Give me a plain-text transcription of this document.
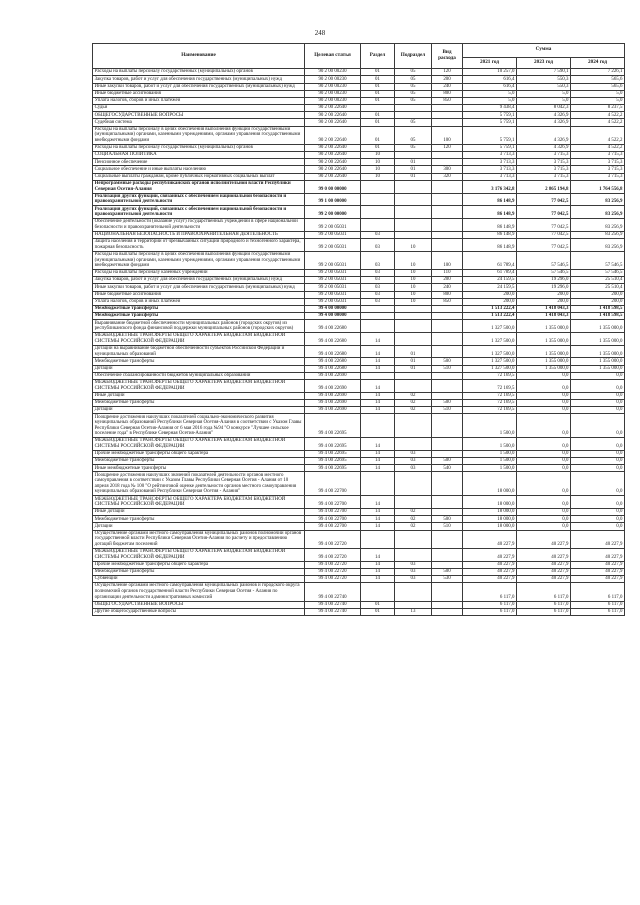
248
Наименование	Целевая статья	Раздел	Подраздел	Вид расхода	Сумма		
					2021 год	2023 год	2024 год
Расходы на выплаты персоналу государственных (муниципальных) органов	90 2 00 00230	01	05	120	10 257,0	7 590,1	7 226,1
Закупка товаров, работ и услуг для обеспечения государственных (муниципальных) нужд	90 2 00 00230	01	05	200	616,4	550,3	565,6
Иные закупки товаров, работ и услуг для обеспечения государственных (муниципальных) нужд	90 2 00 00230	01	05	240	616,4	550,3	565,6
Иные бюджетные ассигнования	90 2 00 00230	01	05	800	5,0	5,0	5,0
Уплата налогов, сборов и иных платежей	90 2 00 00230	01	05	850	5,0	5,0	5,0
Судьи	90 2 00 22640				9 438,4	8 042,3	8 237,5
ОБЩЕГОСУДАРСТВЕННЫЕ ВОПРОСЫ	90 2 00 22640	01			5 759,1	4 326,9	4 522,2
Судебная система	90 2 00 22640	01	05		5 759,1	4 326,9	4 522,2
Расходы на выплаты персоналу в целях обеспечения выполнения функций государственными (муниципальными) органами, казенными учреждениями, органами управления государственными внебюджетными фондами	90 2 00 22640	01	05	100	5 759,1	4 326,9	4 522,2
Расходы на выплаты персоналу государственных (муниципальных) органов	90 2 00 22640	01	05	120	5 759,1	4 326,9	4 522,2
СОЦИАЛЬНАЯ ПОЛИТИКА	90 2 00 22640	10			3 713,3	3 715,3	3 715,3
Пенсионное обеспечение	90 2 00 22640	10	01		3 713,3	3 715,3	3 715,3
Социальное обеспечение и иные выплаты населению	90 2 00 22640	10	01	300	3 713,3	3 715,3	3 715,3
Социальные выплаты гражданам, кроме публичных нормативных социальных выплат	90 2 00 22640	10	01	320	3 713,3	3 715,3	3 715,3
Непрограммные расходы республиканских органов исполнительной власти Республики Северная Осетия-Алания	99 0 00 00000				3 176 342,8	2 865 194,8	1 764 556,8
Реализация других функций, связанных с обеспечением национальной безопасности и правоохранительной деятельности	99 1 00 00000				86 148,9	77 042,5	83 256,9
Реализация других функций, связанных с обеспечением национальной безопасности и правоохранительной деятельности	99 2 00 00000				86 148,9	77 042,5	83 256,9
Обеспечение деятельности (оказание услуг) государственных учреждений в сфере национальной безопасности и правоохранительной деятельности	99 2 00 05031				86 148,9	77 042,5	83 256,9
НАЦИОНАЛЬНАЯ БЕЗОПАСНОСТЬ И ПРАВООХРАНИТЕЛЬНАЯ ДЕЯТЕЛЬНОСТЬ	99 2 00 05031	03			86 148,9	77 042,5	83 256,9
Защита населения и территории от чрезвычайных ситуаций природного и техногенного характера, пожарная безопасность	99 2 00 05031	03	10		86 148,9	77 042,5	83 256,9
Расходы на выплаты персоналу в целях обеспечения выполнения функций государственными (муниципальными) органами, казенными учреждениями, органами управления государственными внебюджетными фондами	99 2 00 05031	03	10	100	61 789,4	57 546,5	57 546,5
Расходы на выплаты персоналу казенных учреждений	99 2 00 05031	03	10	110	61 789,4	57 546,5	57 546,5
Закупка товаров, работ и услуг для обеспечения государственных (муниципальных) нужд	99 2 00 05031	03	10	200	24 159,5	19 296,0	25 510,4
Иные закупки товаров, работ и услуг для обеспечения государственных (муниципальных) нужд	99 2 00 05031	03	10	240	24 159,5	19 296,0	25 510,4
Иные бюджетные ассигнования	99 2 00 05031	03	10	800	200,0	200,0	200,0
Уплата налогов, сборов и иных платежей	99 2 00 05031	03	10	850	200,0	200,0	200,0
Межбюджетные трансферты	99 4 00 00000				1 513 222,4	1 418 043,3	1 418 598,5
Межбюджетные трансферты	99 4 00 00000				1 513 222,4	1 418 043,3	1 418 598,5
Выравнивание бюджетной обеспеченности муниципальных районов (городских округов) из республиканского фонда финансовой поддержки муниципальных районов (городских округов)	99 4 00 22680				1 327 500,0	1 355 000,0	1 355 000,0
МЕЖБЮДЖЕТНЫЕ ТРАНСФЕРТЫ ОБЩЕГО ХАРАКТЕРА БЮДЖЕТАМ БЮДЖЕТНОЙ СИСТЕМЫ РОССИЙСКОЙ ФЕДЕРАЦИИ	99 4 00 22680	14			1 327 500,0	1 355 000,0	1 355 000,0
Дотации на выравнивание бюджетной обеспеченности субъектов Российской Федерации и муниципальных образований	99 4 00 22680	14	01		1 327 500,0	1 355 000,0	1 355 000,0
Межбюджетные трансферты	99 4 00 22680	14	01	500	1 327 500,0	1 355 000,0	1 355 000,0
Дотации	99 4 00 22680	14	01	510	1 327 500,0	1 355 000,0	1 355 000,0
Обеспечение сбалансированности бюджетов муниципальных образований	99 4 00 22690				72 169,5	0,0	0,0
МЕЖБЮДЖЕТНЫЕ ТРАНСФЕРТЫ ОБЩЕГО ХАРАКТЕРА БЮДЖЕТАМ БЮДЖЕТНОЙ СИСТЕМЫ РОССИЙСКОЙ ФЕДЕРАЦИИ	99 4 00 22690	14			72 169,5	0,0	0,0
Иные дотации	99 4 00 22690	14	02		72 169,5	0,0	0,0
Межбюджетные трансферты	99 4 00 22690	14	02	500	72 169,5	0,0	0,0
Дотации	99 4 00 22690	14	02	510	72 169,5	0,0	0,0
Поощрение достижения наилучших показателей социально-экономического развития муниципальных образований Республики Северная Осетия-Алания в соответствии с Указом Главы Республики Северная Осетия-Алания от 6 мая 2016 года №94 "О конкурсе "Лучшее сельское поселение года" в Республике Северная Осетия-Алания"	99 4 00 22695				1 500,0	0,0	0,0
МЕЖБЮДЖЕТНЫЕ ТРАНСФЕРТЫ ОБЩЕГО ХАРАКТЕРА БЮДЖЕТАМ БЮДЖЕТНОЙ СИСТЕМЫ РОССИЙСКОЙ ФЕДЕРАЦИИ	99 4 00 22695	14			1 500,0	0,0	0,0
Прочие межбюджетные трансферты общего характера	99 4 00 22695	14	03		1 500,0	0,0	0,0
Межбюджетные трансферты	99 4 00 22695	14	03	500	1 500,0	0,0	0,0
Иные межбюджетные трансферты	99 4 00 22695	14	03	540	1 500,0	0,0	0,0
Поощрение достижения наилучших значений показателей деятельности органов местного самоуправления в соответствии с Указом Главы Республики Северная Осетия - Алания от 10 апреля 2018 года № 100 "О рейтинговой оценке деятельности органов местного самоуправления муниципальных образований Республики Северная Осетия - Алания"	99 4 00 22700				18 000,0	0,0	0,0
МЕЖБЮДЖЕТНЫЕ ТРАНСФЕРТЫ ОБЩЕГО ХАРАКТЕРА БЮДЖЕТАМ БЮДЖЕТНОЙ СИСТЕМЫ РОССИЙСКОЙ ФЕДЕРАЦИИ	99 4 00 22700	14			18 000,0	0,0	0,0
Иные дотации	99 4 00 22700	14	02		18 000,0	0,0	0,0
Межбюджетные трансферты	99 4 00 22700	14	02	500	18 000,0	0,0	0,0
Дотации	99 4 00 22700	14	02	510	18 000,0	0,0	0,0
Осуществление органами местного самоуправления муниципальных районов полномочий органов государственной власти Республики Северная Осетия-Алания по расчету и предоставлению дотаций бюджетам поселений	99 4 00 22720				40 227,9	40 227,9	40 227,9
МЕЖБЮДЖЕТНЫЕ ТРАНСФЕРТЫ ОБЩЕГО ХАРАКТЕРА БЮДЖЕТАМ БЮДЖЕТНОЙ СИСТЕМЫ РОССИЙСКОЙ ФЕДЕРАЦИИ	99 4 00 22720	14			40 227,9	40 227,9	40 227,9
Прочие межбюджетные трансферты общего характера	99 4 00 22720	14	03		40 227,9	40 227,9	40 227,9
Межбюджетные трансферты	99 4 00 22720	14	03	500	40 227,9	40 227,9	40 227,9
Субвенции	99 4 00 22720	14	03	530	40 227,9	40 227,9	40 227,9
Осуществление органами местного самоуправления муниципальных районов и городского округа полномочий органов государственной власти Республики Северная Осетия - Алания по организации деятельности административных комиссий	99 4 00 22740				6 117,0	6 117,0	6 117,0
ОБЩЕГОСУДАРСТВЕННЫЕ ВОПРОСЫ	99 4 00 22740	01			6 117,0	6 117,0	6 117,0
Другие общегосударственные вопросы	99 4 00 22740	01	13		6 117,0	6 117,0	6 117,0
